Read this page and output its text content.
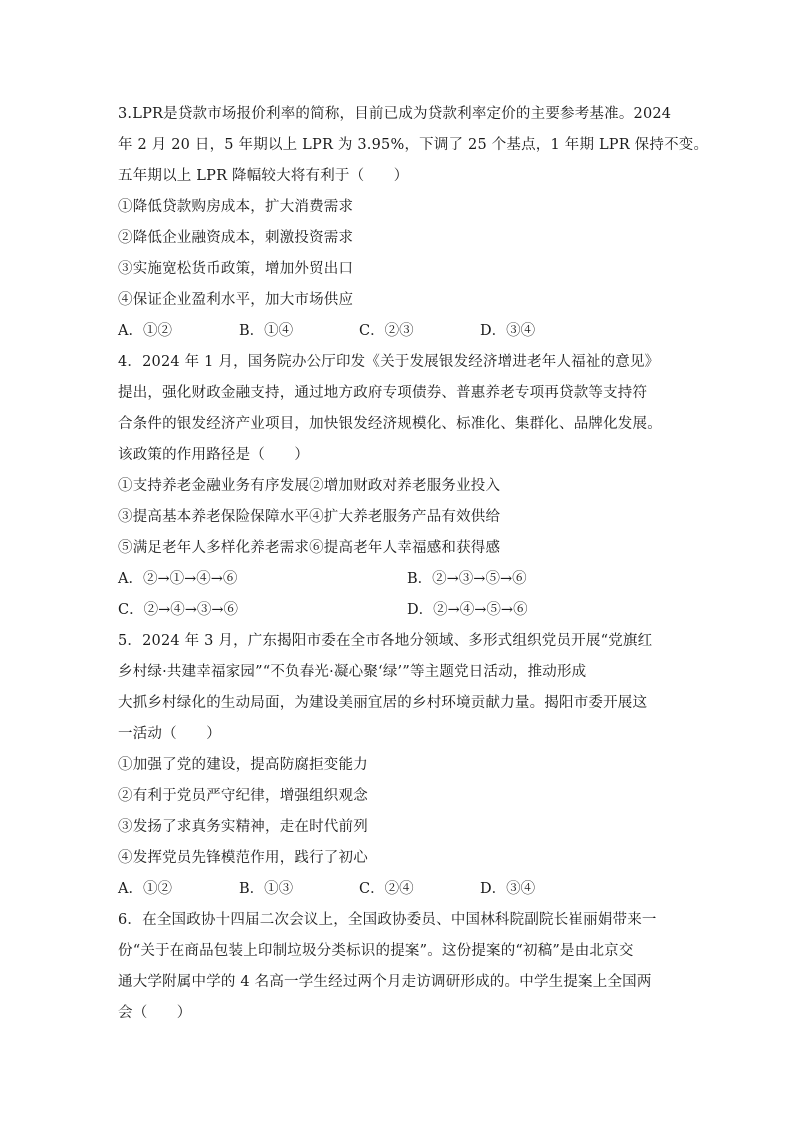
3.LPR是贷款市场报价利率的简称，目前已成为贷款利率定价的主要参考基准。2024
年 2 月 20 日，5 年期以上 LPR 为 3.95%，下调了 25 个基点，1 年期 LPR 保持不变。
五年期以上 LPR 降幅较大将有利于（　　）
①降低贷款购房成本，扩大消费需求
②降低企业融资成本，刺激投资需求
③实施宽松货币政策，增加外贸出口
④保证企业盈利水平，加大市场供应
A．①②	B．①④	C．②③	D．③④
4．2024 年 1 月，国务院办公厅印发《关于发展银发经济增进老年人福祉的意见》
提出，强化财政金融支持，通过地方政府专项债券、普惠养老专项再贷款等支持符
合条件的银发经济产业项目，加快银发经济规模化、标准化、集群化、品牌化发展。
该政策的作用路径是（　　）
①支持养老金融业务有序发展②增加财政对养老服务业投入
③提高基本养老保险保障水平④扩大养老服务产品有效供给
⑤满足老年人多样化养老需求⑥提高老年人幸福感和获得感
A．②→①→④→⑥	B．②→③→⑤→⑥
C．②→④→③→⑥	D．②→④→⑤→⑥
5．2024 年 3 月，广东揭阳市委在全市各地分领域、多形式组织党员开展“党旗红
乡村绿·共建幸福家园”“不负春光·凝心聚‘绿’”等主题党日活动，推动形成
大抓乡村绿化的生动局面，为建设美丽宜居的乡村环境贡献力量。揭阳市委开展这
一活动（　　）
①加强了党的建设，提高防腐拒变能力
②有利于党员严守纪律，增强组织观念
③发扬了求真务实精神，走在时代前列
④发挥党员先锋模范作用，践行了初心
A．①②	B．①③	C．②④	D．③④
6．在全国政协十四届二次会议上，全国政协委员、中国林科院副院长崔丽娟带来一
份“关于在商品包装上印制垃圾分类标识的提案”。这份提案的“初稿”是由北京交
通大学附属中学的 4 名高一学生经过两个月走访调研形成的。中学生提案上全国两
会（　　）
